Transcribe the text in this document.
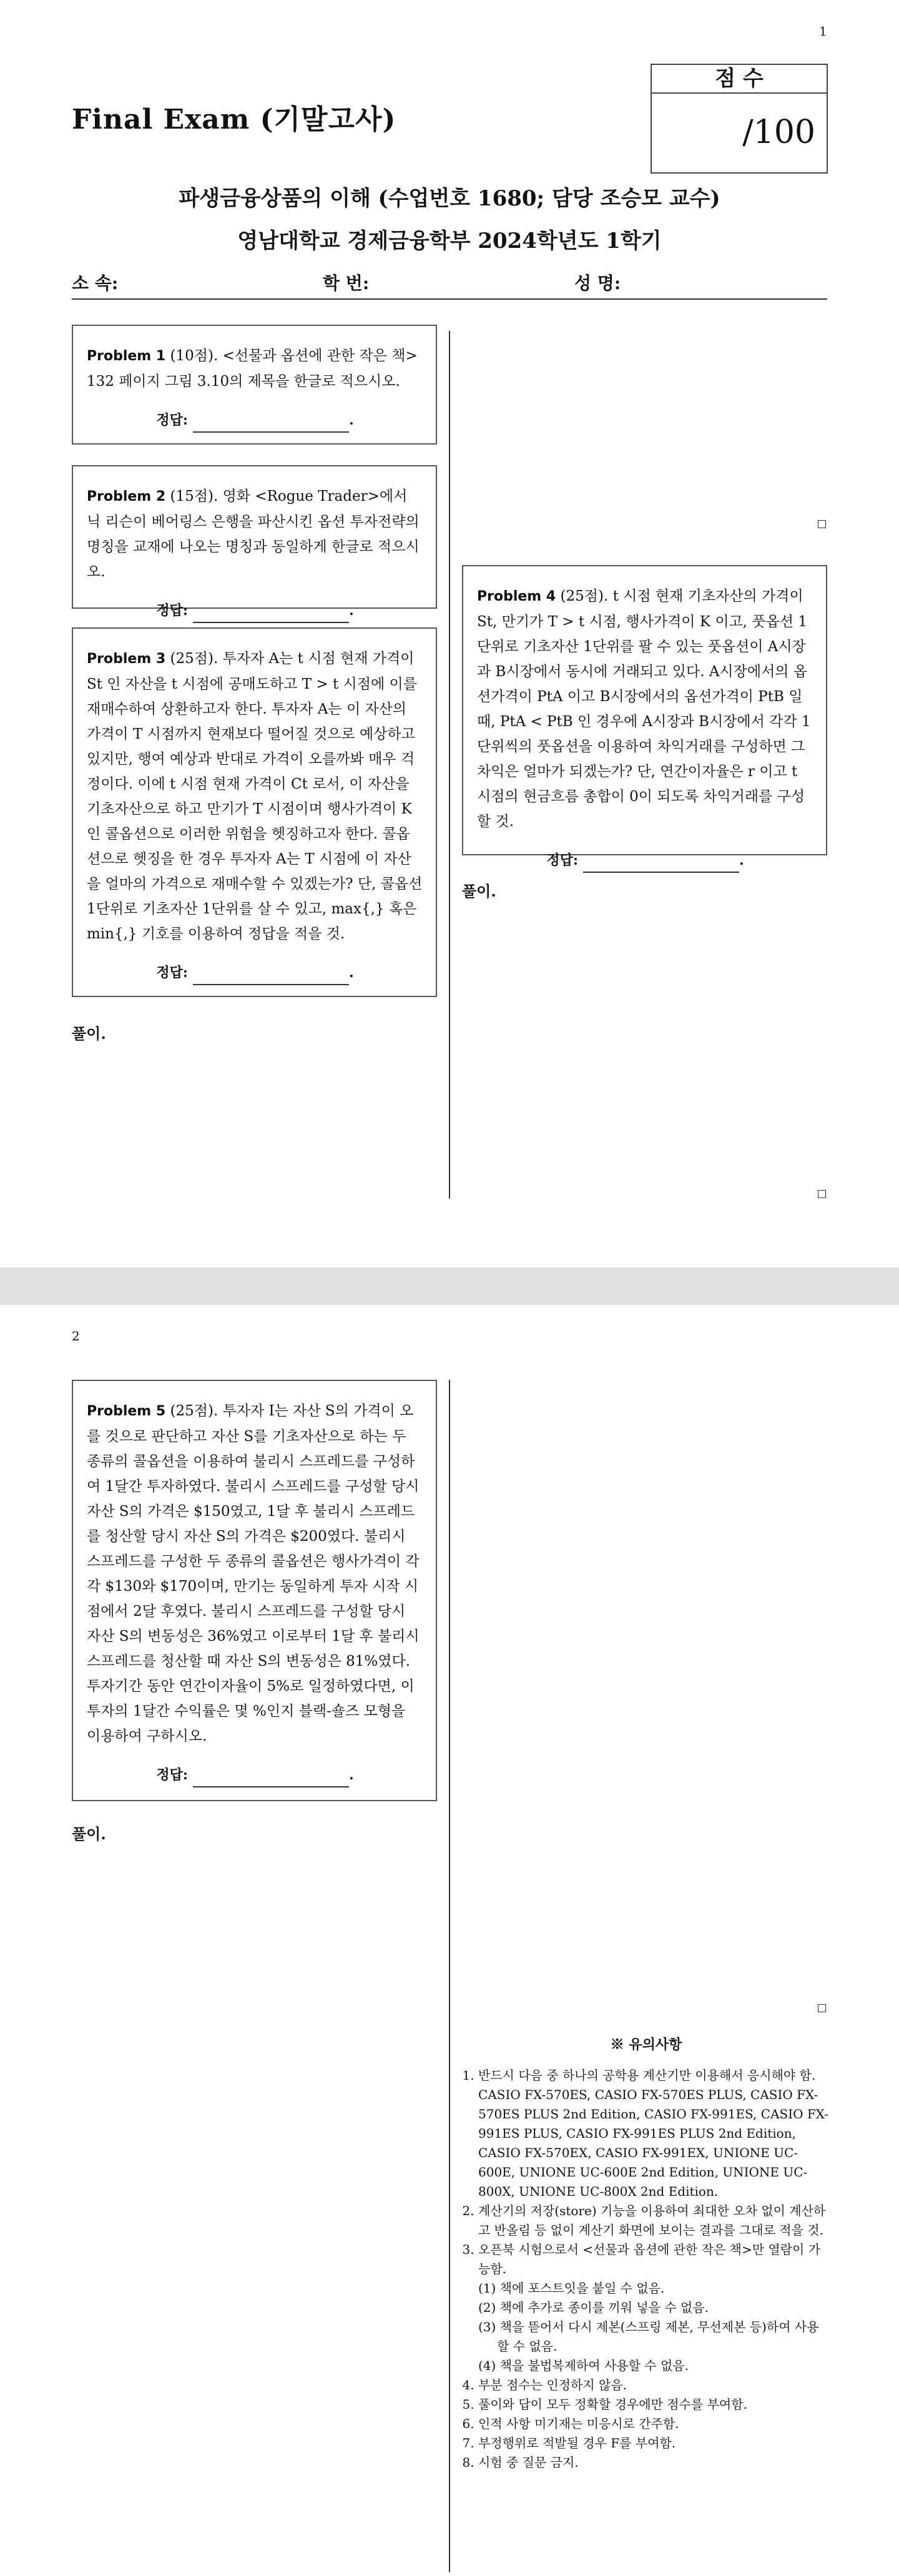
1
Final Exam (기말고사)
점 수
/100
파생금융상품의 이해 (수업번호 1680; 담당 조승모 교수)
영남대학교 경제금융학부 2024학년도 1학기
소 속:	학 번:	성 명:
Problem 1 (10점). <선물과 옵션에 관한 작은 책> 132 페이지 그림 3.10의 제목을 한글로 적으시오.
정답:	.
Problem 2 (15점). 영화 <Rogue Trader>에서 닉 리슨이 베어링스 은행을 파산시킨 옵션 투자전략의 명칭을 교재에 나오는 명칭과 동일하게 한글로 적으시오.
정답:	.
Problem 3 (25점). 투자자 A는 t 시점 현재 가격이 St 인 자산을 t 시점에 공매도하고 T > t 시점에 이를 재매수하여 상환하고자 한다. 투자자 A는 이 자산의 가격이 T 시점까지 현재보다 떨어질 것으로 예상하고 있지만, 행여 예상과 반대로 가격이 오를까봐 매우 걱정이다. 이에 t 시점 현재 가격이 Ct 로서, 이 자산을 기초자산으로 하고 만기가 T 시점이며 행사가격이 K 인 콜옵션으로 이러한 위험을 헷징하고자 한다. 콜옵션으로 헷징을 한 경우 투자자 A는 T 시점에 이 자산을 얼마의 가격으로 재매수할 수 있겠는가? 단, 콜옵션 1단위로 기초자산 1단위를 살 수 있고, max{,} 혹은 min{,} 기호를 이용하여 정답을 적을 것.
정답:	.
풀이.
Problem 4 (25점). t 시점 현재 기초자산의 가격이 St, 만기가 T > t 시점, 행사가격이 K 이고, 풋옵션 1단위로 기초자산 1단위를 팔 수 있는 풋옵션이 A시장과 B시장에서 동시에 거래되고 있다. A시장에서의 옵션가격이 PtA 이고 B시장에서의 옵션가격이 PtB 일 때, PtA < PtB 인 경우에 A시장과 B시장에서 각각 1단위씩의 풋옵션을 이용하여 차익거래를 구성하면 그 차익은 얼마가 되겠는가? 단, 연간이자율은 r 이고 t 시점의 현금흐름 총합이 0이 되도록 차익거래를 구성할 것.
정답:	.
풀이.
2
Problem 5 (25점). 투자자 I는 자산 S의 가격이 오를 것으로 판단하고 자산 S를 기초자산으로 하는 두 종류의 콜옵션을 이용하여 불리시 스프레드를 구성하여 1달간 투자하였다. 불리시 스프레드를 구성할 당시 자산 S의 가격은 $150였고, 1달 후 불리시 스프레드를 청산할 당시 자산 S의 가격은 $200였다. 불리시 스프레드를 구성한 두 종류의 콜옵션은 행사가격이 각각 $130와 $170이며, 만기는 동일하게 투자 시작 시점에서 2달 후였다. 불리시 스프레드를 구성할 당시 자산 S의 변동성은 36%였고 이로부터 1달 후 불리시 스프레드를 청산할 때 자산 S의 변동성은 81%였다. 투자기간 동안 연간이자율이 5%로 일정하였다면, 이 투자의 1달간 수익률은 몇 %인지 블랙-숄즈 모형을 이용하여 구하시오.
정답:	.
풀이.
※ 유의사항
1. 반드시 다음 중 하나의 공학용 계산기만 이용해서 응시해야 함. CASIO FX-570ES, CASIO FX-570ES PLUS, CASIO FX-570ES PLUS 2nd Edition, CASIO FX-991ES, CASIO FX-991ES PLUS, CASIO FX-991ES PLUS 2nd Edition, CASIO FX-570EX, CASIO FX-991EX, UNIONE UC-600E, UNIONE UC-600E 2nd Edition, UNIONE UC-800X, UNIONE UC-800X 2nd Edition.
2. 계산기의 저장(store) 기능을 이용하여 최대한 오차 없이 계산하고 반올림 등 없이 계산기 화면에 보이는 결과를 그대로 적을 것.
3. 오픈북 시험으로서 <선물과 옵션에 관한 작은 책>만 열람이 가능함.
(1) 책에 포스트잇을 붙일 수 없음.
(2) 책에 추가로 종이를 끼워 넣을 수 없음.
(3) 책을 뜯어서 다시 제본(스프링 제본, 무선제본 등)하여 사용할 수 없음.
(4) 책을 불법복제하여 사용할 수 없음.
4. 부분 점수는 인정하지 않음.
5. 풀이와 답이 모두 정확할 경우에만 점수를 부여함.
6. 인적 사항 미기재는 미응시로 간주함.
7. 부정행위로 적발될 경우 F를 부여함.
8. 시험 중 질문 금지.
